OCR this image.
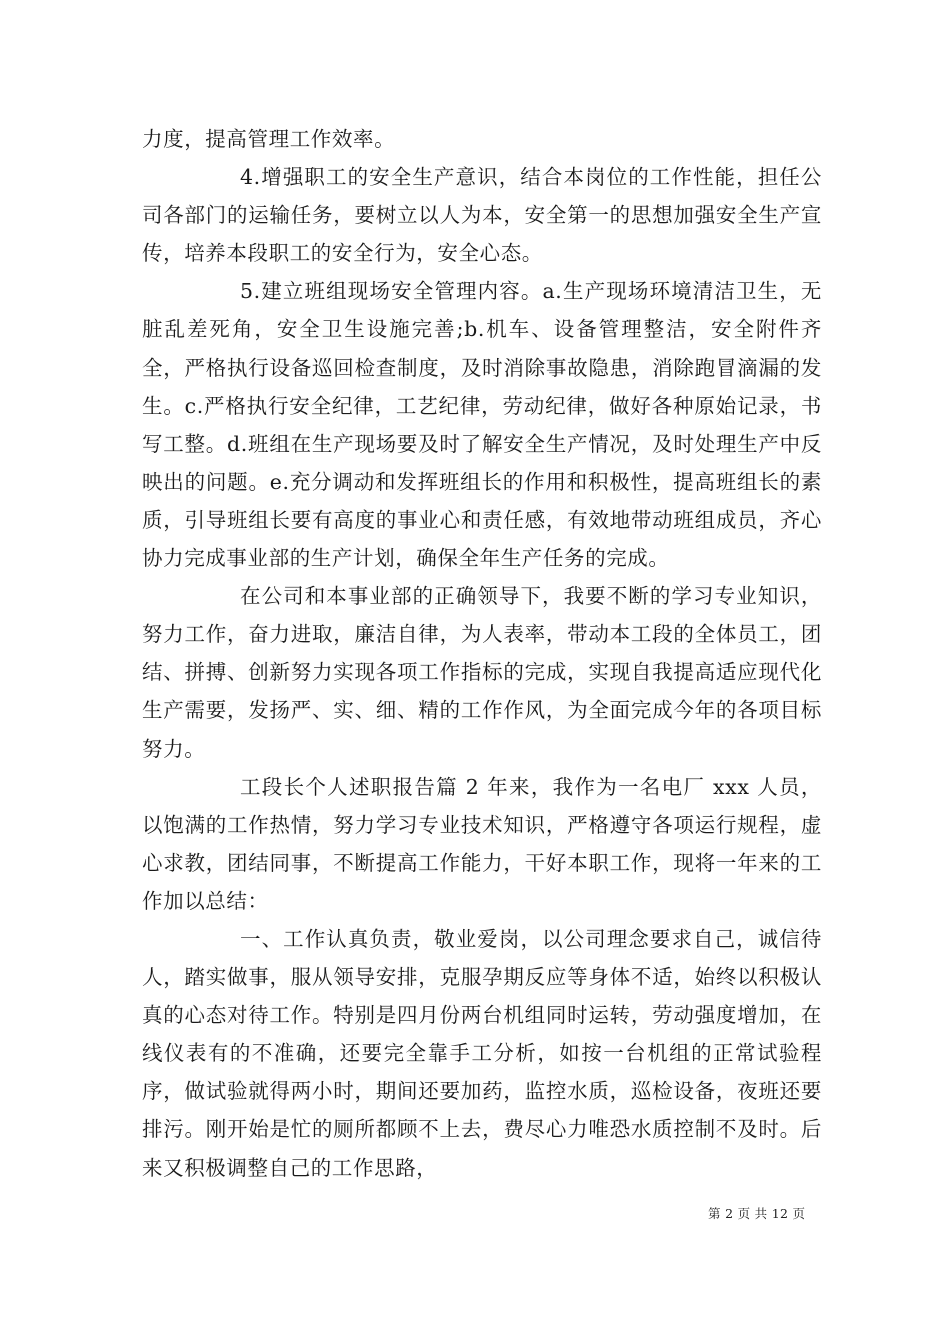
力度，提高管理工作效率。

4.增强职工的安全生产意识，结合本岗位的工作性能，担任公司各部门的运输任务，要树立以人为本，安全第一的思想加强安全生产宣传，培养本段职工的安全行为，安全心态。

5.建立班组现场安全管理内容。a.生产现场环境清洁卫生，无脏乱差死角，安全卫生设施完善;b.机车、设备管理整洁，安全附件齐全，严格执行设备巡回检查制度，及时消除事故隐患，消除跑冒滴漏的发生。c.严格执行安全纪律，工艺纪律，劳动纪律，做好各种原始记录，书写工整。d.班组在生产现场要及时了解安全生产情况，及时处理生产中反映出的问题。e.充分调动和发挥班组长的作用和积极性，提高班组长的素质，引导班组长要有高度的事业心和责任感，有效地带动班组成员，齐心协力完成事业部的生产计划，确保全年生产任务的完成。

在公司和本事业部的正确领导下，我要不断的学习专业知识，努力工作，奋力进取，廉洁自律，为人表率，带动本工段的全体员工，团结、拼搏、创新努力实现各项工作指标的完成，实现自我提高适应现代化生产需要，发扬严、实、细、精的工作作风，为全面完成今年的各项目标努力。

工段长个人述职报告篇 2 年来，我作为一名电厂 xxx 人员，以饱满的工作热情，努力学习专业技术知识，严格遵守各项运行规程，虚心求教，团结同事，不断提高工作能力，干好本职工作，现将一年来的工作加以总结：

一、工作认真负责，敬业爱岗，以公司理念要求自己，诚信待人，踏实做事，服从领导安排，克服孕期反应等身体不适，始终以积极认真的心态对待工作。特别是四月份两台机组同时运转，劳动强度增加，在线仪表有的不准确，还要完全靠手工分析，如按一台机组的正常试验程序，做试验就得两小时，期间还要加药，监控水质，巡检设备，夜班还要排污。刚开始是忙的厕所都顾不上去，费尽心力唯恐水质控制不及时。后来又积极调整自己的工作思路，

第 2 页 共 12 页
